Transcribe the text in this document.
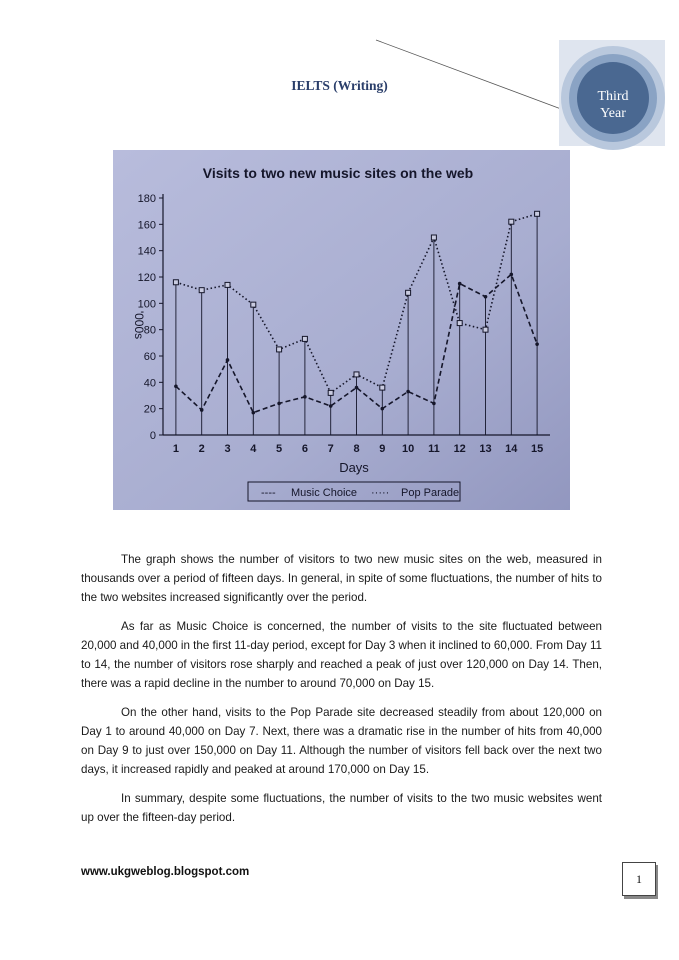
Third
Year
IELTS (Writing)
Visits to two new music sites on the web
0
20
40
60
80
100
120
140
160
180
1 2 3 4 5 6 7 8 9 10 11 12 13 14 15
'000s
Days
---- Music Choice ····· Pop Parade

The graph shows the number of visitors to two new music sites on the web, measured in thousands over a period of fifteen days. In general, in spite of some fluctuations, the number of hits to the two websites increased significantly over the period.

As far as Music Choice is concerned, the number of visits to the site fluctuated between 20,000 and 40,000 in the first 11-day period, except for Day 3 when it inclined to 60,000. From Day 11 to 14, the number of visitors rose sharply and reached a peak of just over 120,000 on Day 14. Then, there was a rapid decline in the number to around 70,000 on Day 15.

On the other hand, visits to the Pop Parade site decreased steadily from about 120,000 on Day 1 to around 40,000 on Day 7. Next, there was a dramatic rise in the number of hits from 40,000 on Day 9 to just over 150,000 on Day 11. Although the number of visitors fell back over the next two days, it increased rapidly and peaked at around 170,000 on Day 15.

In summary, despite some fluctuations, the number of visits to the two music websites went up over the fifteen-day period.

www.ukgweblog.blogspot.com	1
